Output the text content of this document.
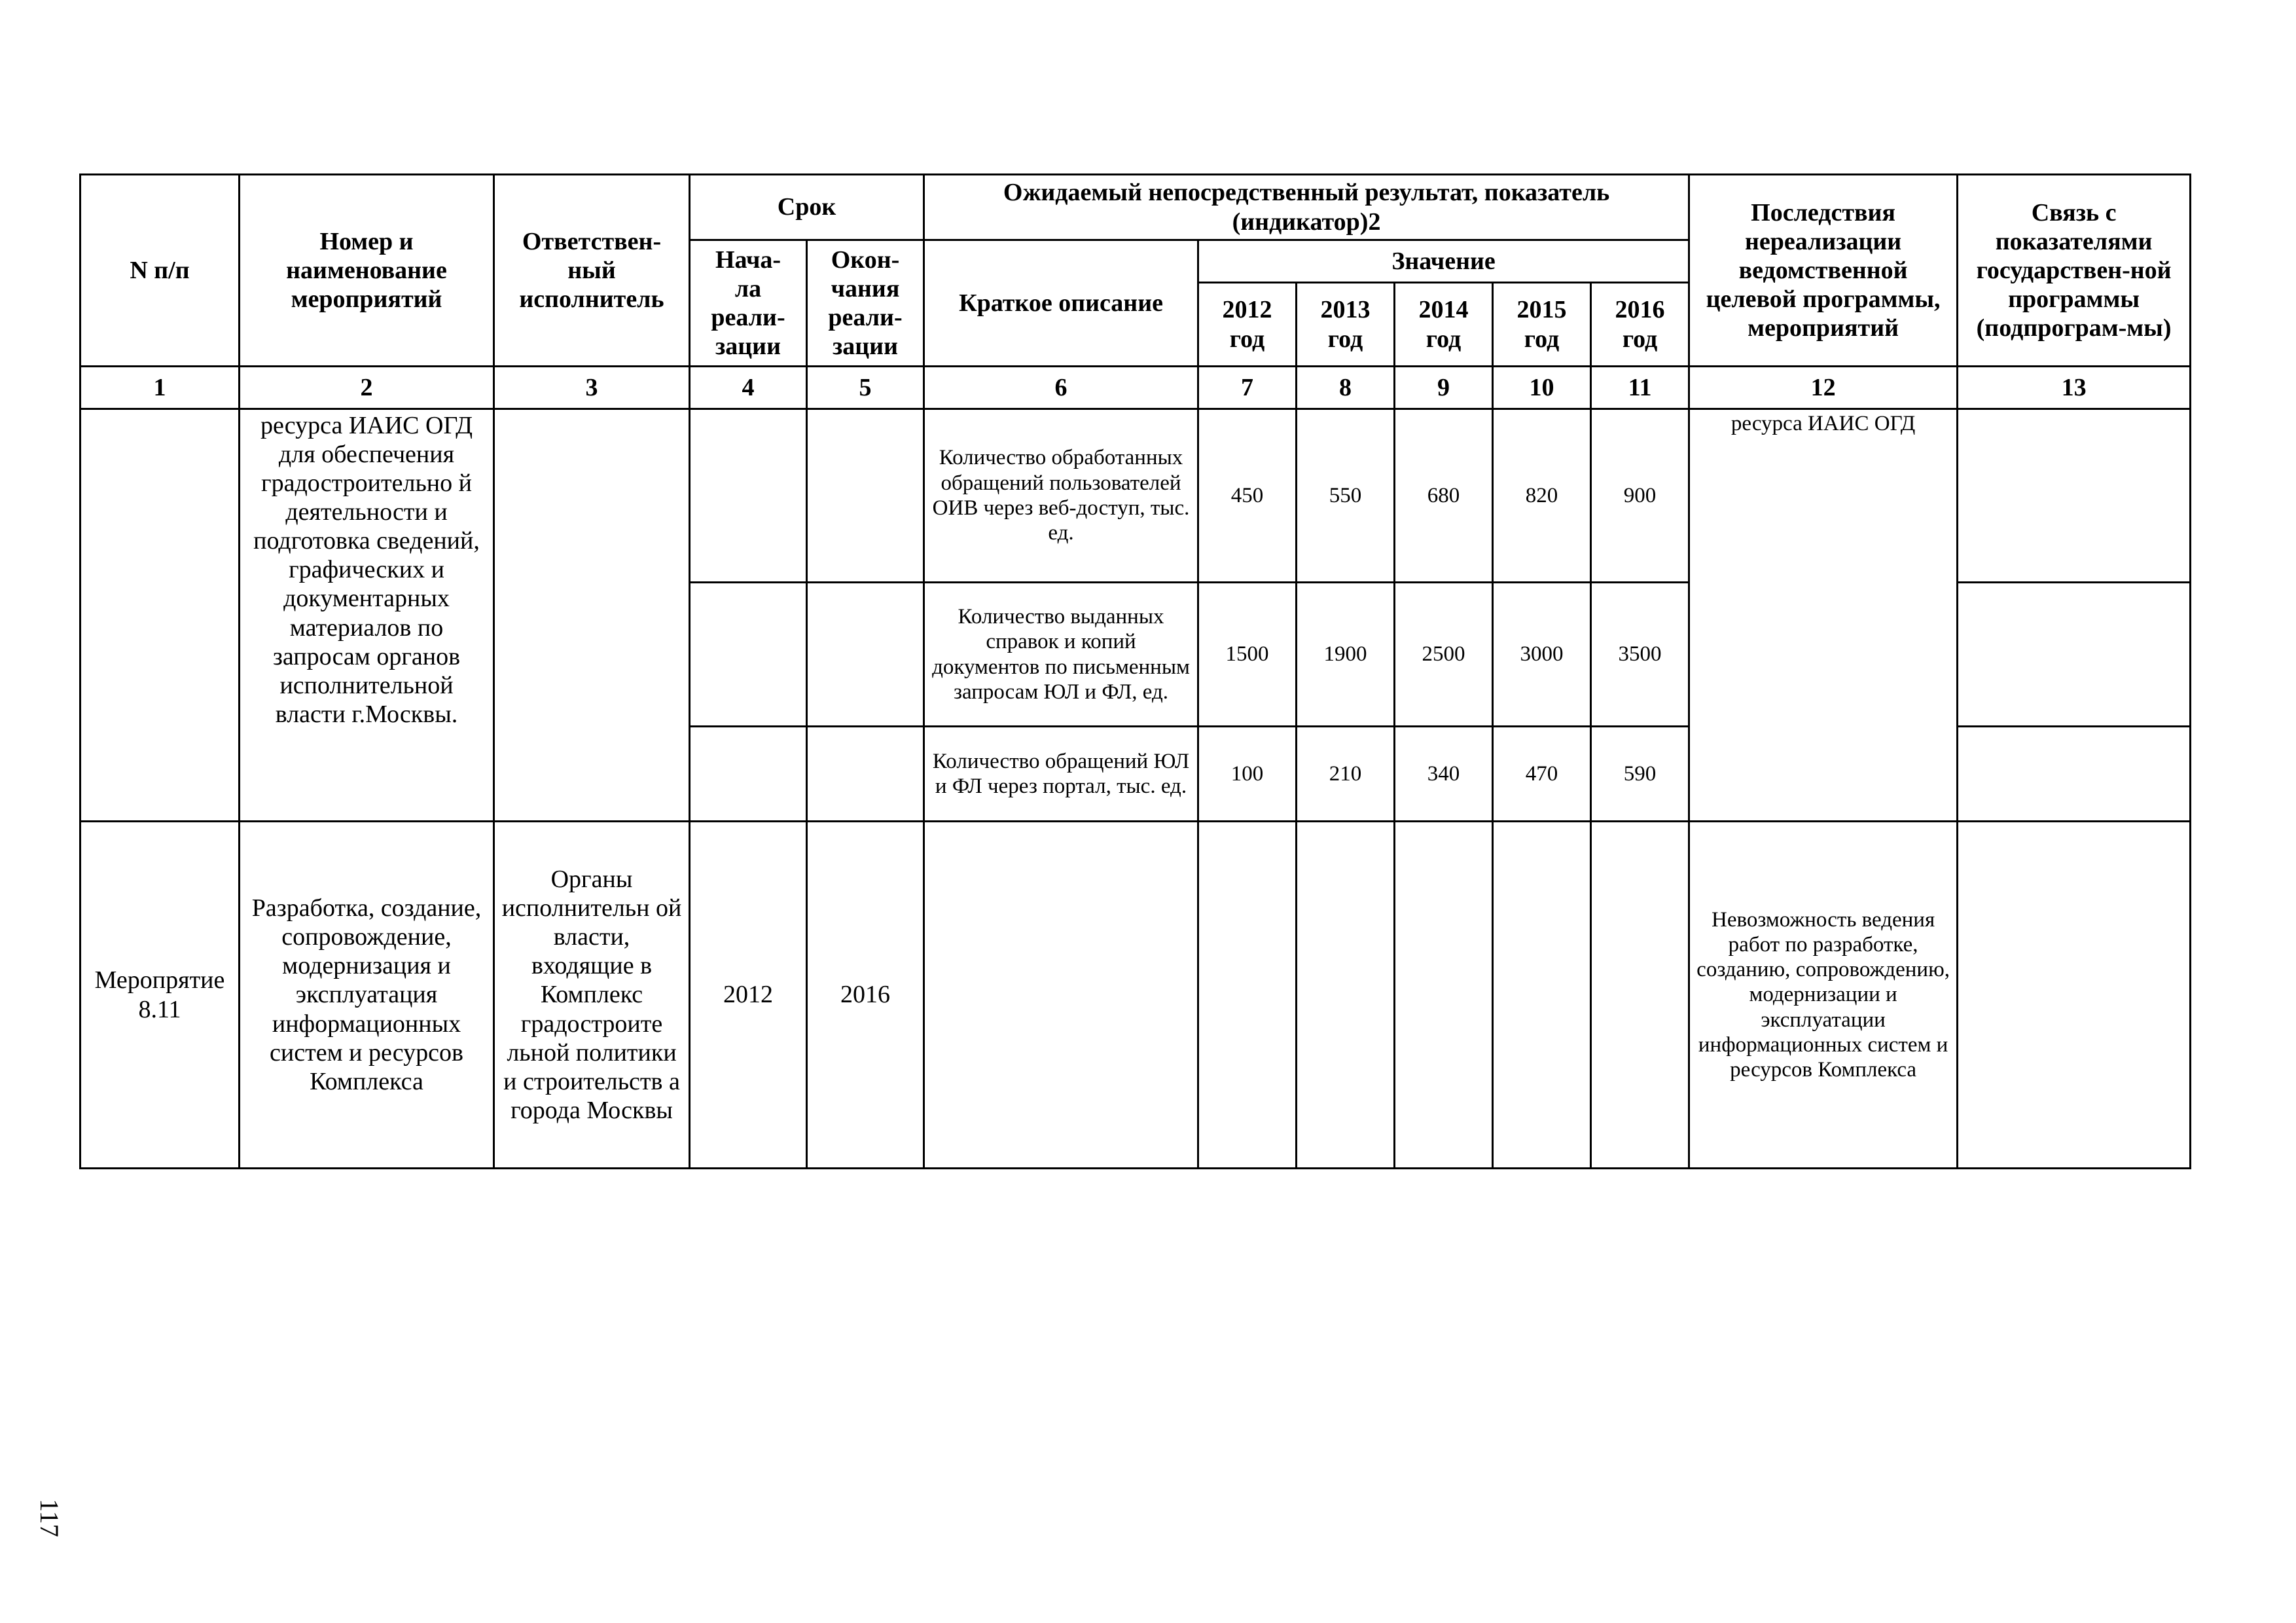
N п/п	Номер и наименование мероприятий	Ответствен-
ный
исполнитель	Срок		Ожидаемый непосредственный результат, показатель (индикатор)2						Последствия нереализации ведомственной целевой программы, мероприятий	Связь с показателями государствен-ной программы (подпрограм-мы)
			Нача-
ла
реали-
зации	Окон-
чания
реали-
зации	Краткое описание	Значение						
						2012
год	2013
год	2014
год	2015
год	2016
год		
1	2	3	4	5	6	7	8	9	10	11	12	13
	ресурса ИАИС ОГД для обеспечения градостроительно й деятельности и подготовка сведений, графических и документарных материалов по запросам органов исполнительной власти г.Москвы.				Количество обработанных обращений пользователей ОИВ через веб-доступ, тыс. ед.	450	550	680	820	900	ресурса ИАИС ОГД	
					Количество выданных справок и копий документов по письменным запросам ЮЛ и ФЛ, ед.	1500	1900	2500	3000	3500		
					Количество обращений ЮЛ и ФЛ через портал, тыс. ед.	100	210	340	470	590		
Меропрятие 8.11	Разработка, создание, сопровождение, модернизация и эксплуатация информационных систем и ресурсов Комплекса	Органы исполнительн ой власти, входящие в Комплекс градостроите льной политики и строительств а города Москвы	2012	2016							Невозможность ведения работ по разработке, созданию, сопровождению, модернизации и эксплуатации информационных систем и ресурсов Комплекса	
117
